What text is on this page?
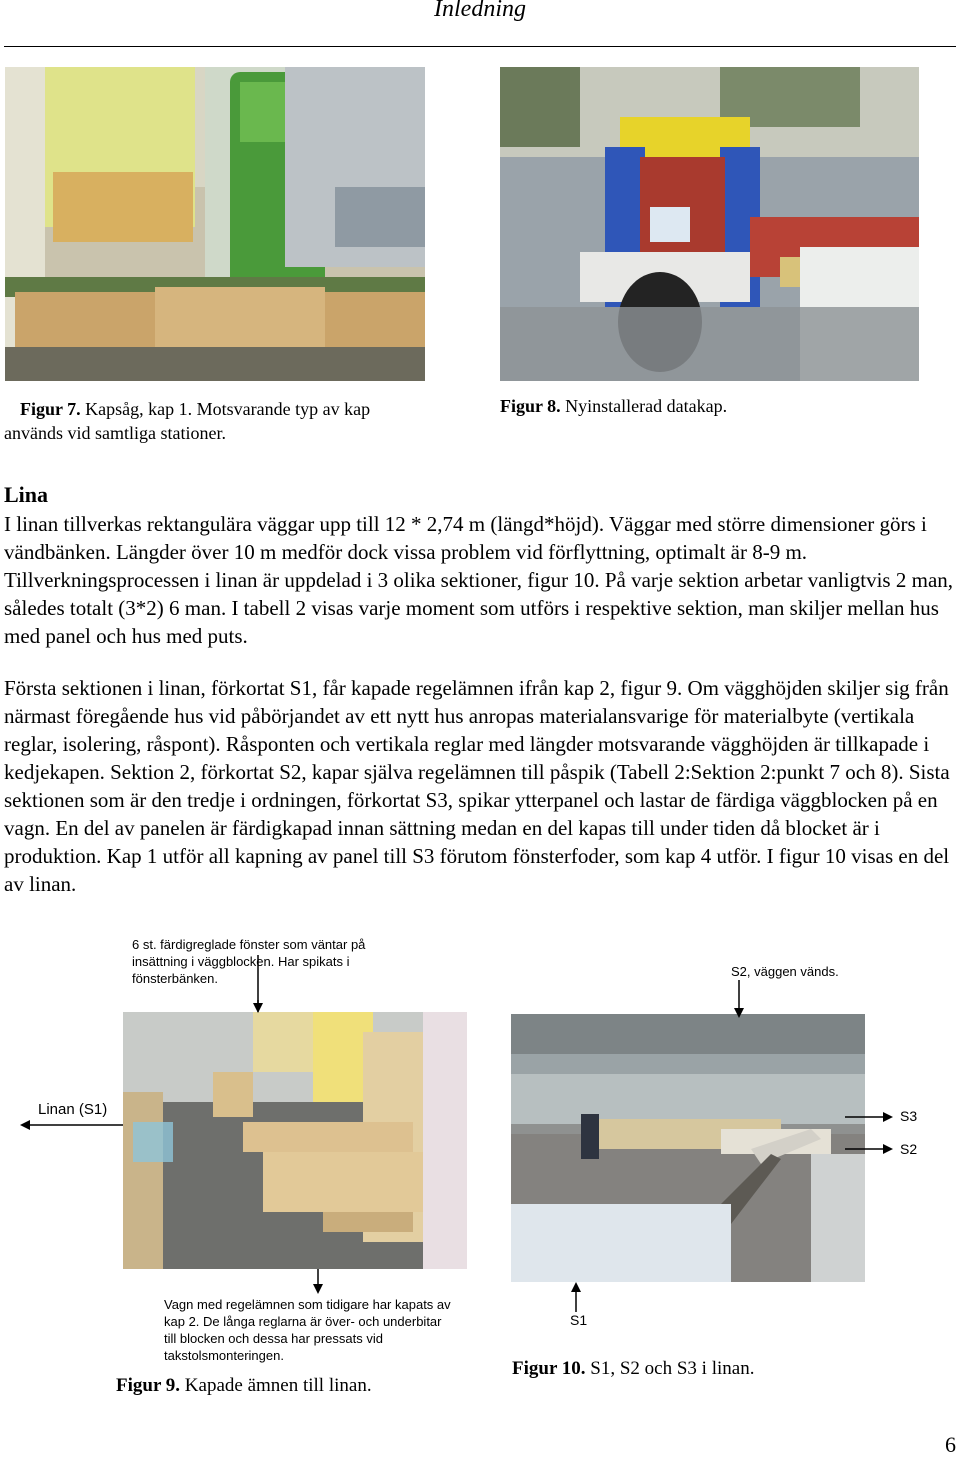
Inledning
Figur 7. Kapsåg, kap 1. Motsvarande typ av kap
används vid samtliga stationer.
Figur 8. Nyinstallerad datakap.
Lina
I linan tillverkas rektangulära väggar upp till 12 * 2,74 m (längd*höjd). Väggar med större dimensioner görs i vändbänken. Längder över 10 m medför dock vissa problem vid förflyttning, optimalt är 8-9 m. Tillverkningsprocessen i linan är uppdelad i 3 olika sektioner, figur 10. På varje sektion arbetar vanligtvis 2 man, således totalt (3*2) 6 man. I tabell 2 visas varje moment som utförs i respektive sektion, man skiljer mellan hus med panel och hus med puts.
Första sektionen i linan, förkortat S1, får kapade regelämnen ifrån kap 2, figur 9. Om vägghöjden skiljer sig från närmast föregående hus vid påbörjandet av ett nytt hus anropas materialansvarige för materialbyte (vertikala reglar, isolering, råspont). Råsponten och vertikala reglar med längder motsvarande vägghöjden är tillkapade i kedjekapen. Sektion 2, förkortat S2, kapar själva regelämnen till påspik (Tabell 2:Sektion 2:punkt 7 och 8). Sista sektionen som är den tredje i ordningen, förkortat S3, spikar ytterpanel och lastar de färdiga väggblocken på en vagn. En del av panelen är färdigkapad innan sättning medan en del kapas till under tiden då blocket är i produktion. Kap 1 utför all kapning av panel till S3 förutom fönsterfoder, som kap 4 utför. I figur 10 visas en del av linan.
6 st. färdigreglade fönster som väntar på insättning i väggblocken. Har spikats i fönsterbänken.
Linan (S1)
Vagn med regelämnen som tidigare har kapats av kap 2. De långa reglarna är över- och underbitar till blocken och dessa har pressats vid takstolsmonteringen.
Figur 9. Kapade ämnen till linan.
S2, väggen vänds.
S3
S2
S1
Figur 10. S1, S2 och S3 i linan.
6
